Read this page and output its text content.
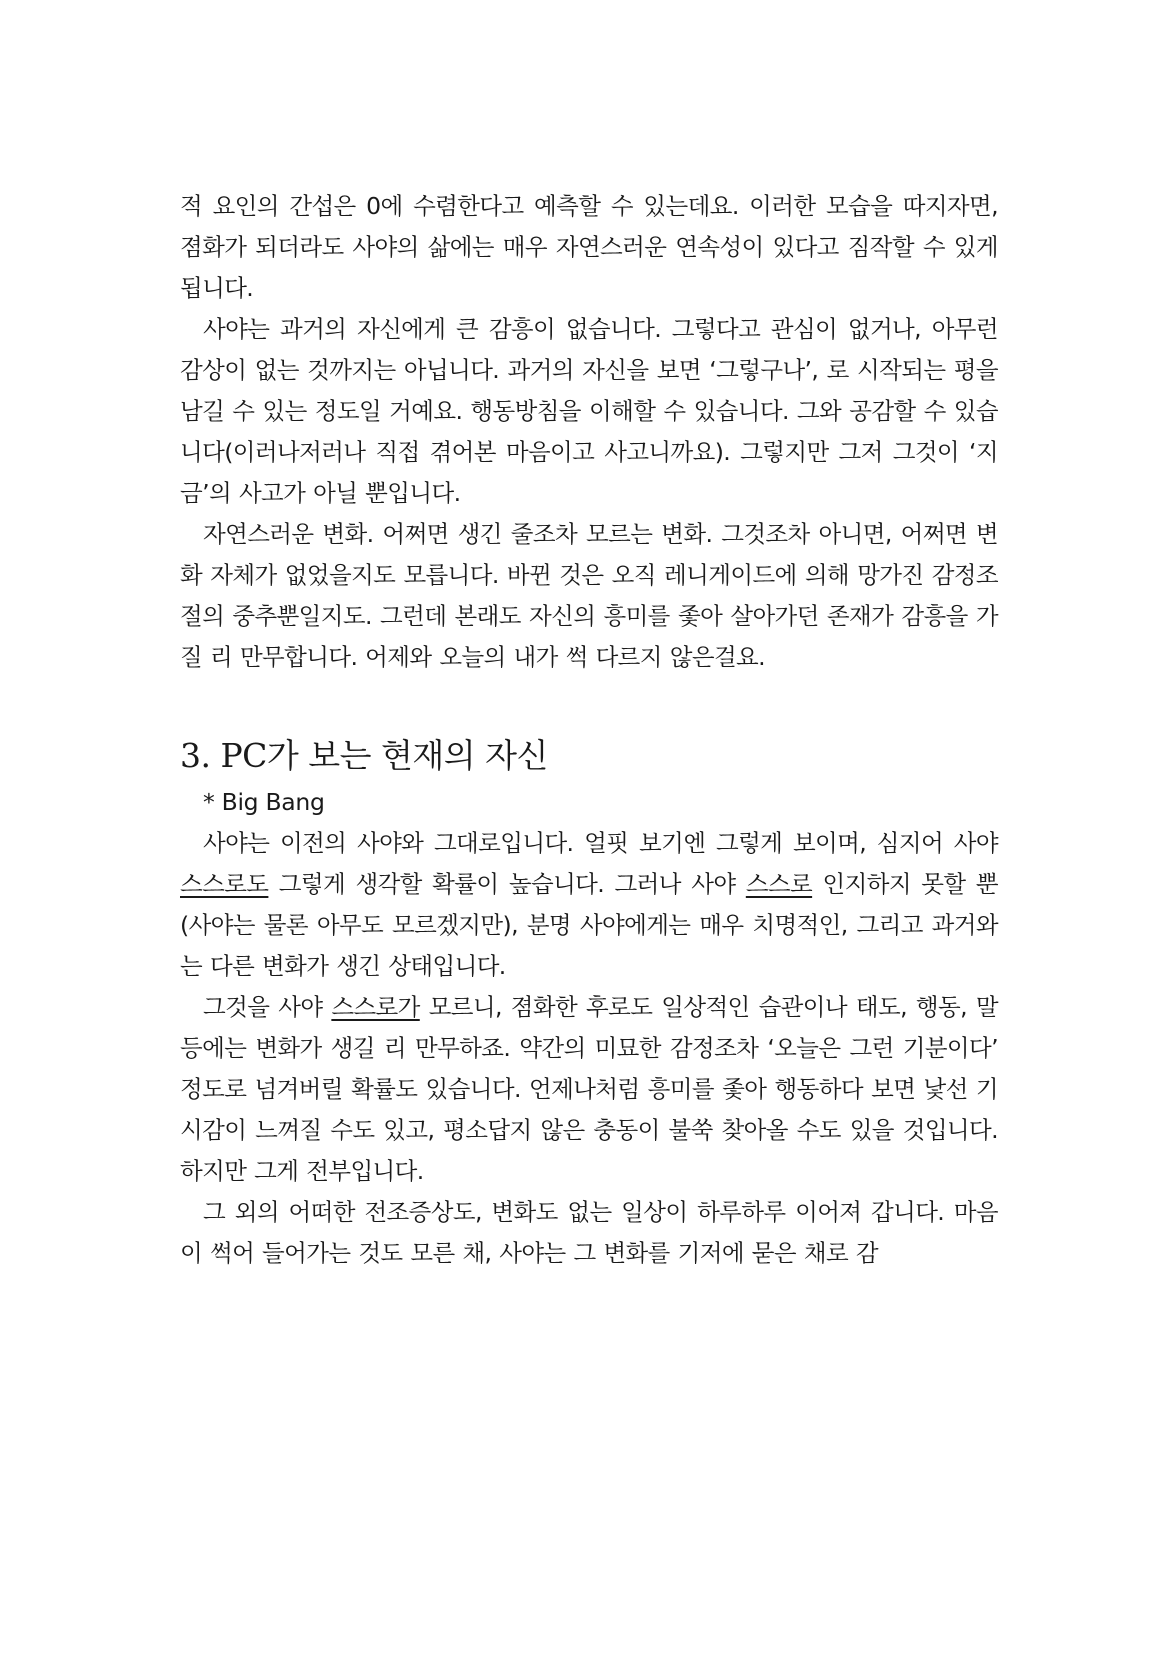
적 요인의 간섭은 0에 수렴한다고 예측할 수 있는데요. 이러한 모습을 따지자면, 졈화가 되더라도 사야의 삶에는 매우 자연스러운 연속성이 있다고 짐작할 수 있게 됩니다.

사야는 과거의 자신에게 큰 감흥이 없습니다. 그렇다고 관심이 없거나, 아무런 감상이 없는 것까지는 아닙니다. 과거의 자신을 보면 ‘그렇구나’, 로 시작되는 평을 남길 수 있는 정도일 거예요. 행동방침을 이해할 수 있습니다. 그와 공감할 수 있습니다(이러나저러나 직접 겪어본 마음이고 사고니까요). 그렇지만 그저 그것이 ‘지금’의 사고가 아닐 뿐입니다.

자연스러운 변화. 어쩌면 생긴 줄조차 모르는 변화. 그것조차 아니면, 어쩌면 변화 자체가 없었을지도 모릅니다. 바뀐 것은 오직 레니게이드에 의해 망가진 감정조절의 중추뿐일지도. 그런데 본래도 자신의 흥미를 좇아 살아가던 존재가 감흥을 가질 리 만무합니다. 어제와 오늘의 내가 썩 다르지 않은걸요.

3. PC가 보는 현재의 자신

* Big Bang

사야는 이전의 사야와 그대로입니다. 얼핏 보기엔 그렇게 보이며, 심지어 사야 스스로도 그렇게 생각할 확률이 높습니다. 그러나 사야 스스로 인지하지 못할 뿐(사야는 물론 아무도 모르겠지만), 분명 사야에게는 매우 치명적인, 그리고 과거와는 다른 변화가 생긴 상태입니다.

그것을 사야 스스로가 모르니, 졈화한 후로도 일상적인 습관이나 태도, 행동, 말 등에는 변화가 생길 리 만무하죠. 약간의 미묘한 감정조차 ‘오늘은 그런 기분이다’ 정도로 넘겨버릴 확률도 있습니다. 언제나처럼 흥미를 좇아 행동하다 보면 낯선 기시감이 느껴질 수도 있고, 평소답지 않은 충동이 불쑥 찾아올 수도 있을 것입니다. 하지만 그게 전부입니다.

그 외의 어떠한 전조증상도, 변화도 없는 일상이 하루하루 이어져 갑니다. 마음이 썩어 들어가는 것도 모른 채, 사야는 그 변화를 기저에 묻은 채로 감
